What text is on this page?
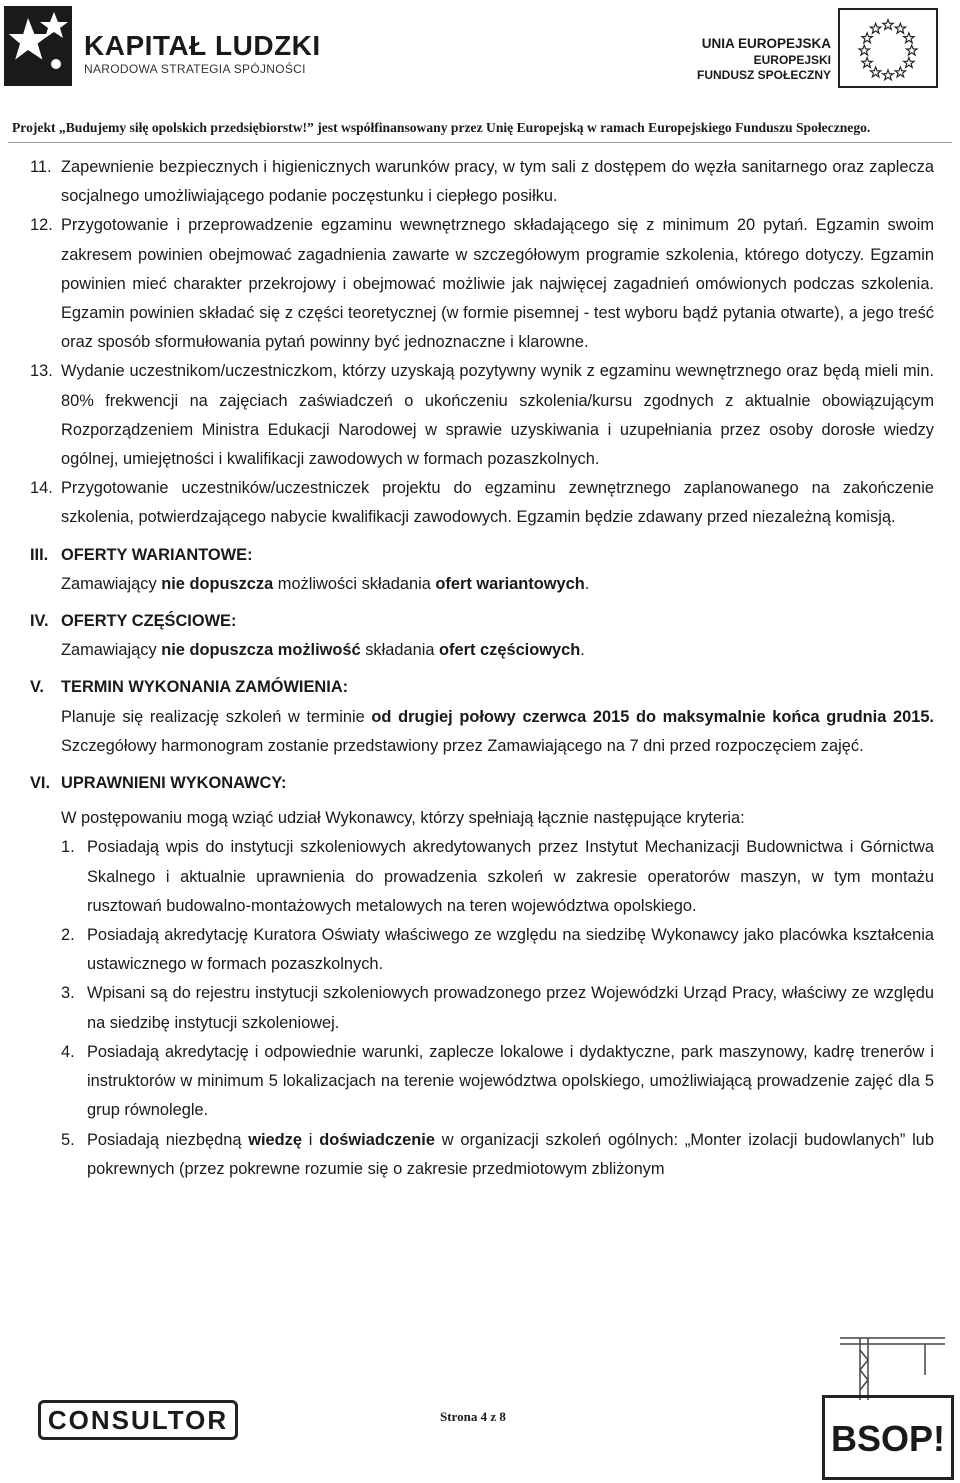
KAPITAŁ LUDZKI
NARODOWA STRATEGIA SPÓJNOŚCI
UNIA EUROPEJSKA
EUROPEJSKI
FUNDUSZ SPOŁECZNY
Projekt „Budujemy siłę opolskich przedsiębiorstw!” jest współfinansowany przez Unię Europejską w ramach Europejskiego Funduszu Społecznego.
11. Zapewnienie bezpiecznych i higienicznych warunków pracy, w tym sali z dostępem do węzła sanitarnego oraz zaplecza socjalnego umożliwiającego podanie poczęstunku i ciepłego posiłku.
12. Przygotowanie i przeprowadzenie egzaminu wewnętrznego składającego się z minimum 20 pytań. Egzamin swoim zakresem powinien obejmować zagadnienia zawarte w szczegółowym programie szkolenia, którego dotyczy. Egzamin powinien mieć charakter przekrojowy i obejmować możliwie jak najwięcej zagadnień omówionych podczas szkolenia. Egzamin powinien składać się z części teoretycznej (w formie pisemnej - test wyboru bądź pytania otwarte), a jego treść oraz sposób sformułowania pytań powinny być jednoznaczne i klarowne.
13. Wydanie uczestnikom/uczestniczkom, którzy uzyskają pozytywny wynik z egzaminu wewnętrznego oraz będą mieli min. 80% frekwencji na zajęciach zaświadczeń o ukończeniu szkolenia/kursu zgodnych z aktualnie obowiązującym Rozporządzeniem Ministra Edukacji Narodowej w sprawie uzyskiwania i uzupełniania przez osoby dorosłe wiedzy ogólnej, umiejętności i kwalifikacji zawodowych w formach pozaszkolnych.
14. Przygotowanie uczestników/uczestniczek projektu do egzaminu zewnętrznego zaplanowanego na zakończenie szkolenia, potwierdzającego nabycie kwalifikacji zawodowych. Egzamin będzie zdawany przed niezależną komisją.
III. OFERTY WARIANTOWE:
Zamawiający nie dopuszcza możliwości składania ofert wariantowych.
IV. OFERTY CZĘŚCIOWE:
Zamawiający nie dopuszcza możliwość składania ofert częściowych.
V.	TERMIN WYKONANIA ZAMÓWIENIA:
Planuje się realizację szkoleń w terminie od drugiej połowy czerwca 2015 do maksymalnie końca grudnia 2015. Szczegółowy harmonogram zostanie przedstawiony przez Zamawiającego na 7 dni przed rozpoczęciem zajęć.
VI. UPRAWNIENI WYKONAWCY:
W postępowaniu mogą wziąć udział Wykonawcy, którzy spełniają łącznie następujące kryteria:
1. Posiadają wpis do instytucji szkoleniowych akredytowanych przez Instytut Mechanizacji Budownictwa i Górnictwa Skalnego i aktualnie uprawnienia do prowadzenia szkoleń w zakresie operatorów maszyn, w tym montażu rusztowań budowalno-montażowych metalowych na teren województwa opolskiego.
2. Posiadają akredytację Kuratora Oświaty właściwego ze względu na siedzibę Wykonawcy jako placówka kształcenia ustawicznego w formach pozaszkolnych.
3. Wpisani są do rejestru instytucji szkoleniowych prowadzonego przez Wojewódzki Urząd Pracy, właściwy ze względu na siedzibę instytucji szkoleniowej.
4. Posiadają akredytację i odpowiednie warunki, zaplecze lokalowe i dydaktyczne, park maszynowy, kadrę trenerów i instruktorów w minimum 5 lokalizacjach na terenie województwa opolskiego, umożliwiającą prowadzenie zajęć dla 5 grup równolegle.
5. Posiadają niezbędną wiedzę i doświadczenie w organizacji szkoleń ogólnych: „Monter izolacji budowlanych” lub pokrewnych (przez pokrewne rozumie się o zakresie przedmiotowym zbliżonym
CONSULTOR	Strona 4 z 8
BSOP!
